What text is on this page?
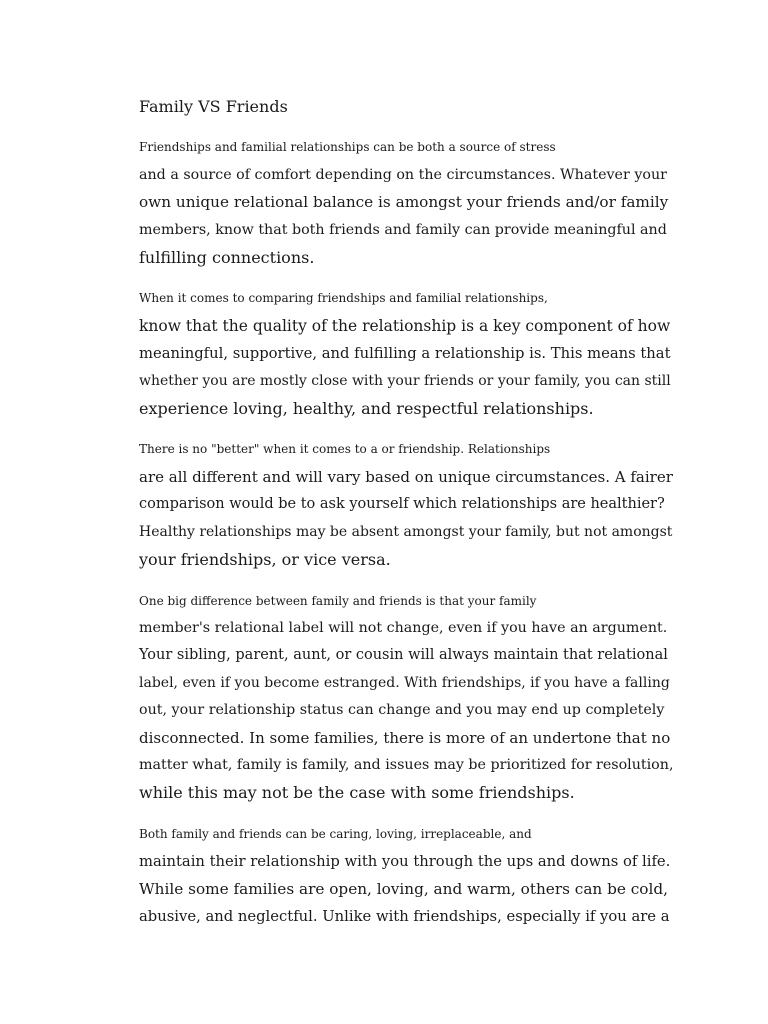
Family VS Friends

Friendships and familial relationships can be both a source of stress
and a source of comfort depending on the circumstances. Whatever your
own unique relational balance is amongst your friends and/or family
members, know that both friends and family can provide meaningful and
fulfilling connections.

When it comes to comparing friendships and familial relationships,
know that the quality of the relationship is a key component of how
meaningful, supportive, and fulfilling a relationship is. This means that
whether you are mostly close with your friends or your family, you can still
experience loving, healthy, and respectful relationships.

There is no "better" when it comes to a or friendship. Relationships
are all different and will vary based on unique circumstances. A fairer
comparison would be to ask yourself which relationships are healthier?
Healthy relationships may be absent amongst your family, but not amongst
your friendships, or vice versa.

One big difference between family and friends is that your family
member's relational label will not change, even if you have an argument.
Your sibling, parent, aunt, or cousin will always maintain that relational
label, even if you become estranged. With friendships, if you have a falling
out, your relationship status can change and you may end up completely
disconnected. In some families, there is more of an undertone that no
matter what, family is family, and issues may be prioritized for resolution,
while this may not be the case with some friendships.

Both family and friends can be caring, loving, irreplaceable, and
maintain their relationship with you through the ups and downs of life.
While some families are open, loving, and warm, others can be cold,
abusive, and neglectful. Unlike with friendships, especially if you are a
